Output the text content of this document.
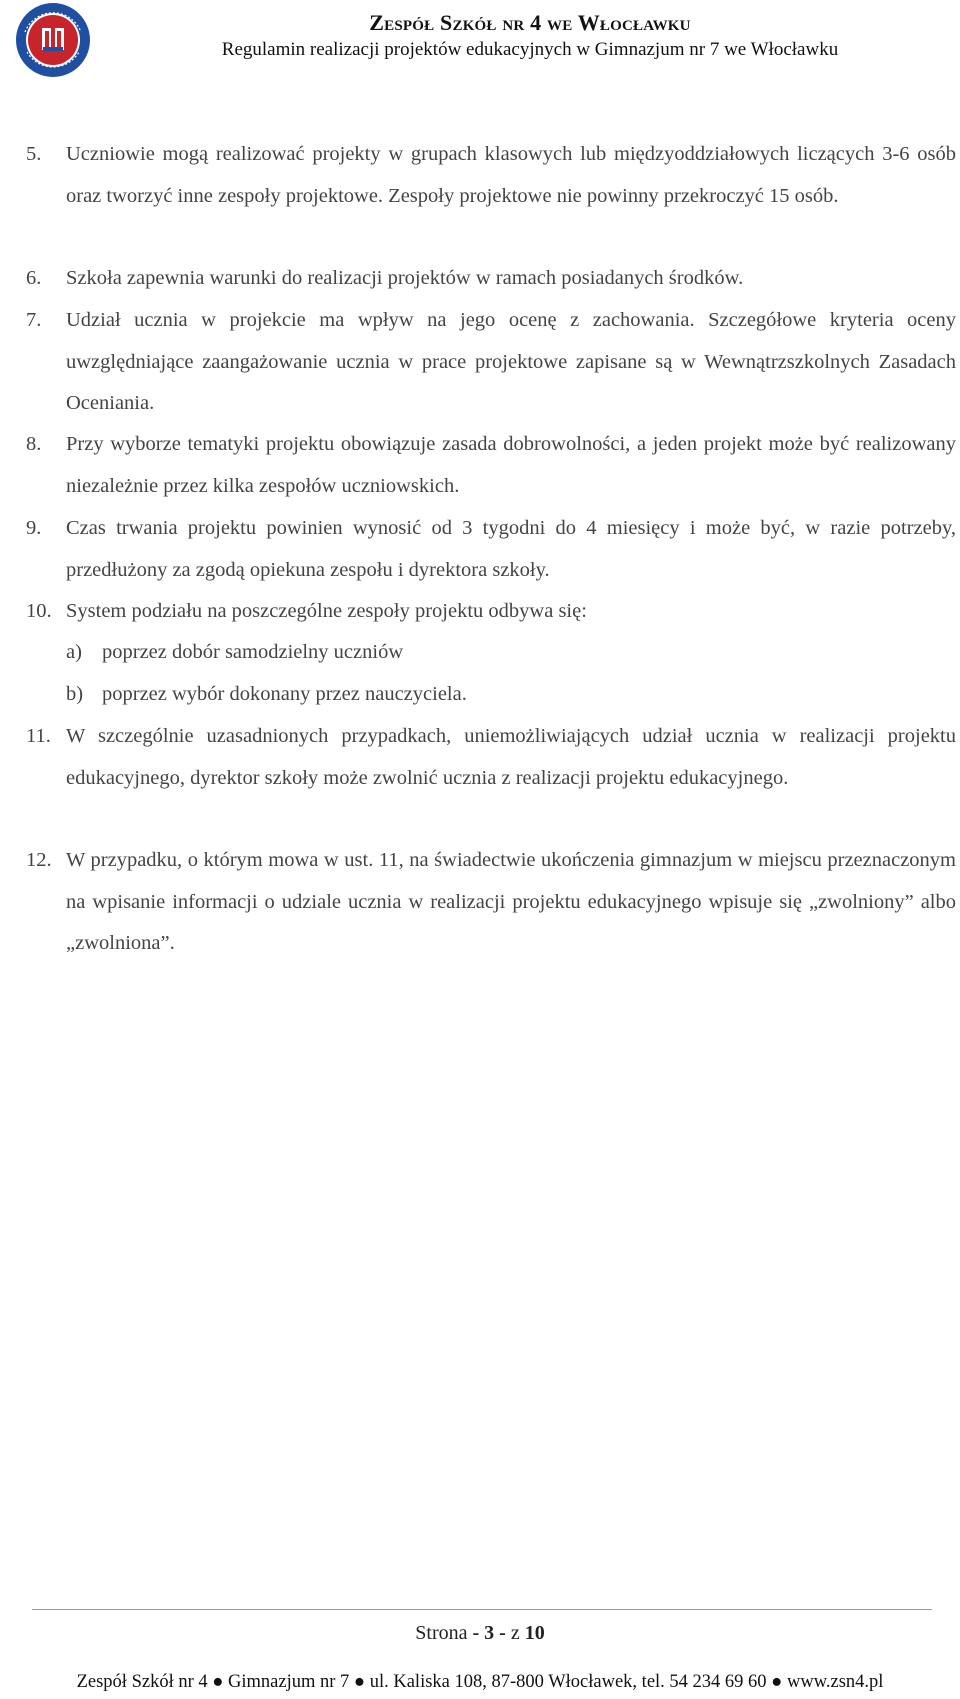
Zespół Szkół nr 4 we Włocławku
Regulamin realizacji projektów edukacyjnych w Gimnazjum nr 7 we Włocławku
5. Uczniowie mogą realizować projekty w grupach klasowych lub międzyoddziałowych liczących 3-6 osób oraz tworzyć inne zespoły projektowe. Zespoły projektowe nie powinny przekroczyć 15 osób.
6. Szkoła zapewnia warunki do realizacji projektów w ramach posiadanych środków.
7. Udział ucznia w projekcie ma wpływ na jego ocenę z zachowania. Szczegółowe kryteria oceny uwzględniające zaangażowanie ucznia w prace projektowe zapisane są w Wewnątrzszkolnych Zasadach Oceniania.
8. Przy wyborze tematyki projektu obowiązuje zasada dobrowolności, a jeden projekt może być realizowany niezależnie przez kilka zespołów uczniowskich.
9. Czas trwania projektu powinien wynosić od 3 tygodni do 4 miesięcy i może być, w razie potrzeby, przedłużony za zgodą opiekuna zespołu i dyrektora szkoły.
10. System podziału na poszczególne zespoły projektu odbywa się:
a) poprzez dobór samodzielny uczniów
b) poprzez wybór dokonany przez nauczyciela.
11. W szczególnie uzasadnionych przypadkach, uniemożliwiających udział ucznia w realizacji projektu edukacyjnego, dyrektor szkoły może zwolnić ucznia z realizacji projektu edukacyjnego.
12. W przypadku, o którym mowa w ust. 11, na świadectwie ukończenia gimnazjum w miejscu przeznaczonym na wpisanie informacji o udziale ucznia w realizacji projektu edukacyjnego wpisuje się „zwolniony” albo „zwolniona”.
Strona - 3 - z 10
Zespół Szkół nr 4 ● Gimnazjum nr 7 ● ul. Kaliska 108, 87-800 Włocławek, tel. 54 234 69 60 ● www.zsn4.pl
